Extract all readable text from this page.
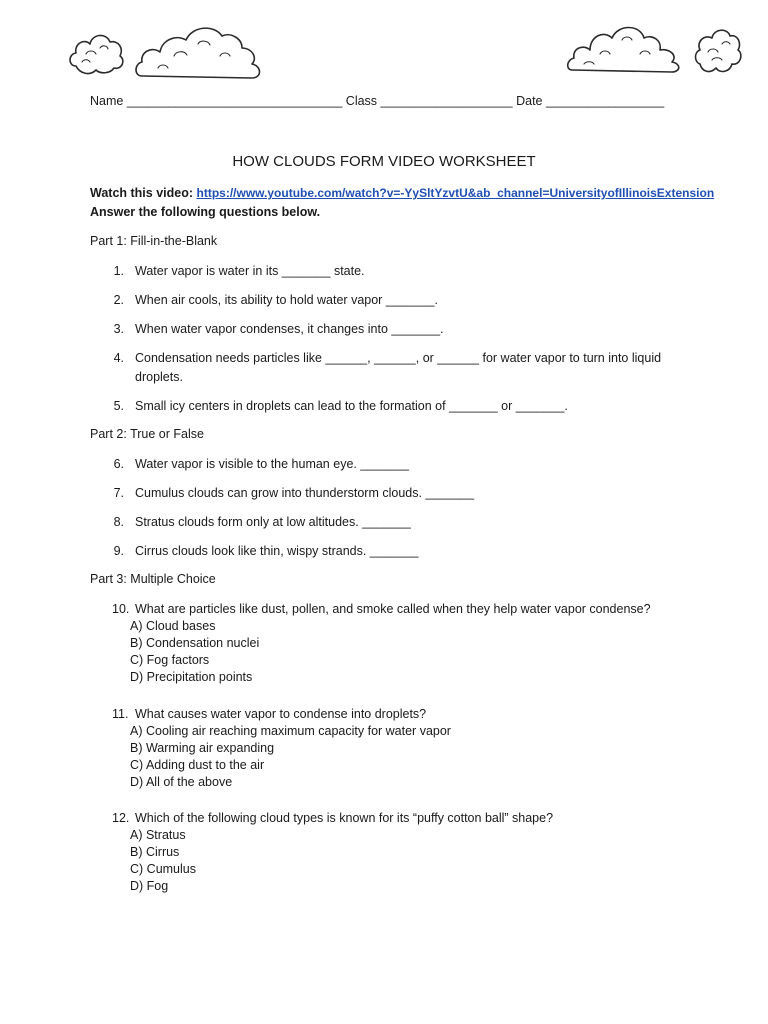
Name _______________________________ Class ___________________ Date _________________
HOW CLOUDS FORM VIDEO WORKSHEET
Watch this video: https://www.youtube.com/watch?v=-YySltYzvtU&ab_channel=UniversityofIllinoisExtension
Answer the following questions below.
Part 1: Fill-in-the-Blank
1. Water vapor is water in its _______ state.
2. When air cools, its ability to hold water vapor _______.
3. When water vapor condenses, it changes into _______.
4. Condensation needs particles like ______, ______, or ______ for water vapor to turn into liquid droplets.
5. Small icy centers in droplets can lead to the formation of _______ or _______.
Part 2: True or False
6. Water vapor is visible to the human eye. _______
7. Cumulus clouds can grow into thunderstorm clouds. _______
8. Stratus clouds form only at low altitudes. _______
9. Cirrus clouds look like thin, wispy strands. _______
Part 3: Multiple Choice
10. What are particles like dust, pollen, and smoke called when they help water vapor condense?
A) Cloud bases
B) Condensation nuclei
C) Fog factors
D) Precipitation points
11. What causes water vapor to condense into droplets?
A) Cooling air reaching maximum capacity for water vapor
B) Warming air expanding
C) Adding dust to the air
D) All of the above
12. Which of the following cloud types is known for its “puffy cotton ball” shape?
A) Stratus
B) Cirrus
C) Cumulus
D) Fog
